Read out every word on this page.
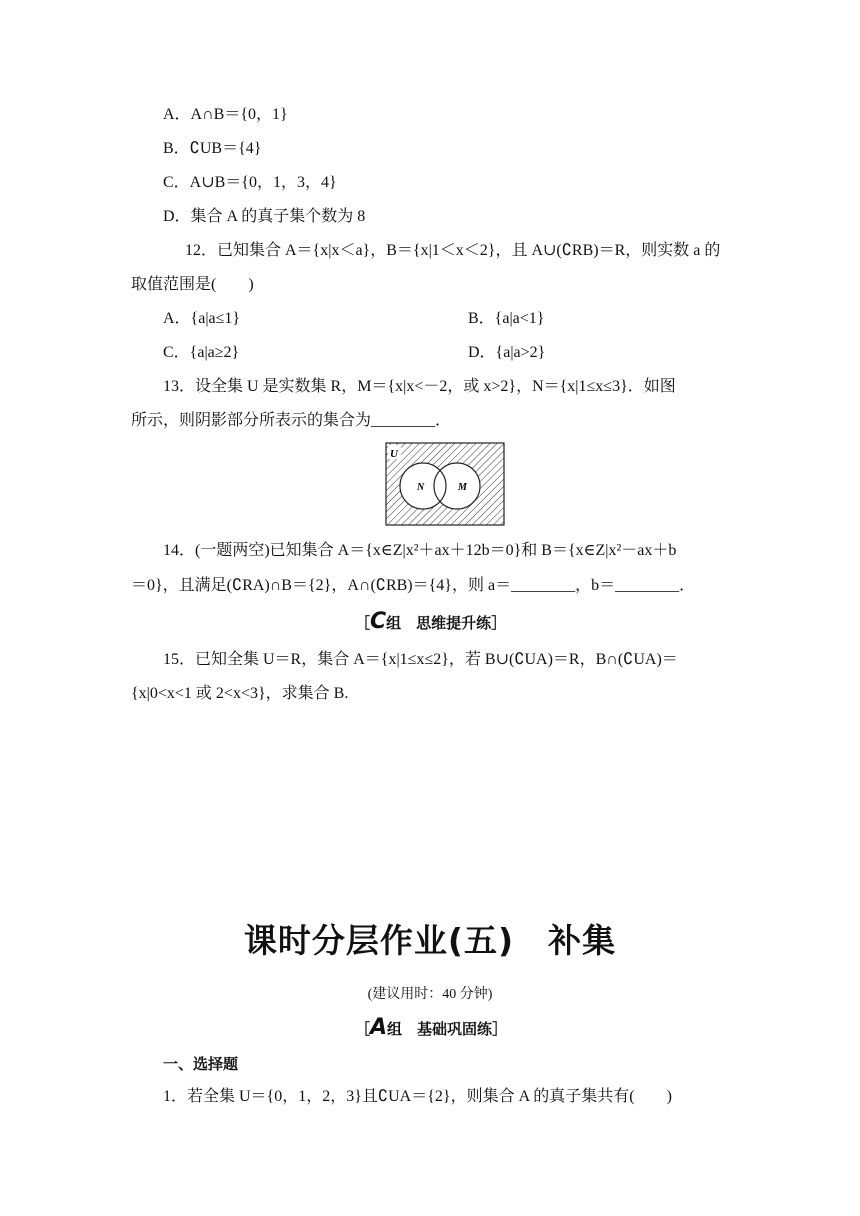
A．A∩B＝{0，1}
B．∁UB＝{4}
C．A∪B＝{0，1，3，4}
D．集合 A 的真子集个数为 8
12．已知集合 A＝{x|x＜a}，B＝{x|1＜x＜2}，且 A∪(∁RB)＝R，则实数 a 的
取值范围是(　　)
A．{a|a≤1}	B．{a|a<1}
C．{a|a≥2}	D．{a|a>2}
13．设全集 U 是实数集 R，M＝{x|x<－2，或 x>2}，N＝{x|1≤x≤3}．如图
所示，则阴影部分所表示的集合为________．
U
N	M
14．(一题两空)已知集合 A＝{x∈Z|x²＋ax＋12b＝0}和 B＝{x∈Z|x²－ax＋b
＝0}，且满足(∁RA)∩B＝{2}，A∩(∁RB)＝{4}，则 a＝________，b＝________．
［C组　思维提升练］
15．已知全集 U＝R，集合 A＝{x|1≤x≤2}，若 B∪(∁UA)＝R，B∩(∁UA)＝
{x|0<x<1 或 2<x<3}，求集合 B.
课时分层作业(五)　补集
(建议用时：40 分钟)
［A组　基础巩固练］
一、选择题
1．若全集 U＝{0，1，2，3}且∁UA＝{2}，则集合 A 的真子集共有(　　)
